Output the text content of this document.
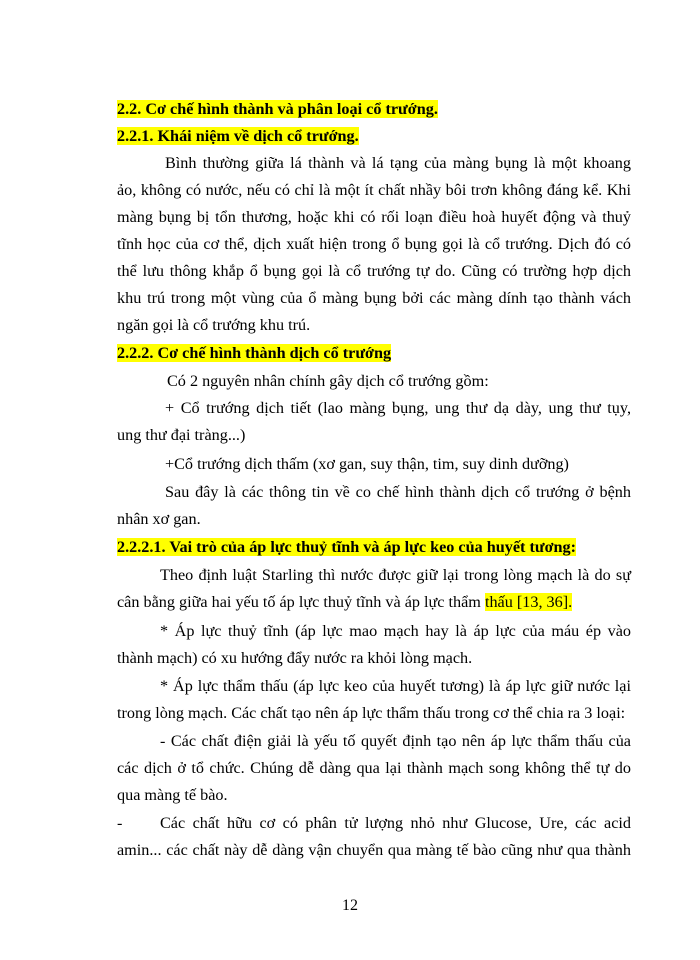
2.2. Cơ chế hình thành và phân loại cổ trướng.
2.2.1. Khái niệm về dịch cổ trướng.
Bình thường giữa lá thành và lá tạng của màng bụng là một khoang
ảo, không có nước, nếu có chỉ là một ít chất nhầy bôi trơn không đáng kể. Khi
màng bụng bị tổn thương, hoặc khi có rối loạn điều hoà huyết động và thuỷ
tĩnh học của cơ thể, dịch xuất hiện trong ổ bụng gọi là cổ trướng. Dịch đó có
thể lưu thông khắp ổ bụng gọi là cổ trướng tự do. Cũng có trường hợp dịch
khu trú trong một vùng của ổ màng bụng bởi các màng dính tạo thành vách
ngăn gọi là cổ trướng khu trú.
2.2.2. Cơ chế hình thành dịch cổ trướng
Có 2 nguyên nhân chính gây dịch cổ trướng gồm:
+ Cổ trướng dịch tiết (lao màng bụng, ung thư dạ dày, ung thư tụy,
ung thư đại tràng...)
+Cổ trướng dịch thấm (xơ gan, suy thận, tim, suy dinh dưỡng)
Sau đây là các thông tin về co chế hình thành dịch cổ trướng ở bệnh
nhân xơ gan.
2.2.2.1. Vai trò của áp lực thuỷ tĩnh và áp lực keo của huyết tương:
Theo định luật Starling thì nước được giữ lại trong lòng mạch là do sự
cân bằng giữa hai yếu tố áp lực thuỷ tĩnh và áp lực thẩm thấu [13, 36].
* Áp lực thuỷ tĩnh (áp lực mao mạch hay là áp lực của máu ép vào
thành mạch) có xu hướng đẩy nước ra khỏi lòng mạch.
* Áp lực thẩm thấu (áp lực keo của huyết tương) là áp lực giữ nước lại
trong lòng mạch. Các chất tạo nên áp lực thẩm thấu trong cơ thể chia ra 3 loại:
- Các chất điện giải là yếu tố quyết định tạo nên áp lực thẩm thấu của
các dịch ở tổ chức. Chúng dễ dàng qua lại thành mạch song không thể tự do
qua màng tế bào.
- Các chất hữu cơ có phân tử lượng nhỏ như Glucose, Ure, các acid
amin... các chất này dễ dàng vận chuyển qua màng tế bào cũng như qua thành
12
